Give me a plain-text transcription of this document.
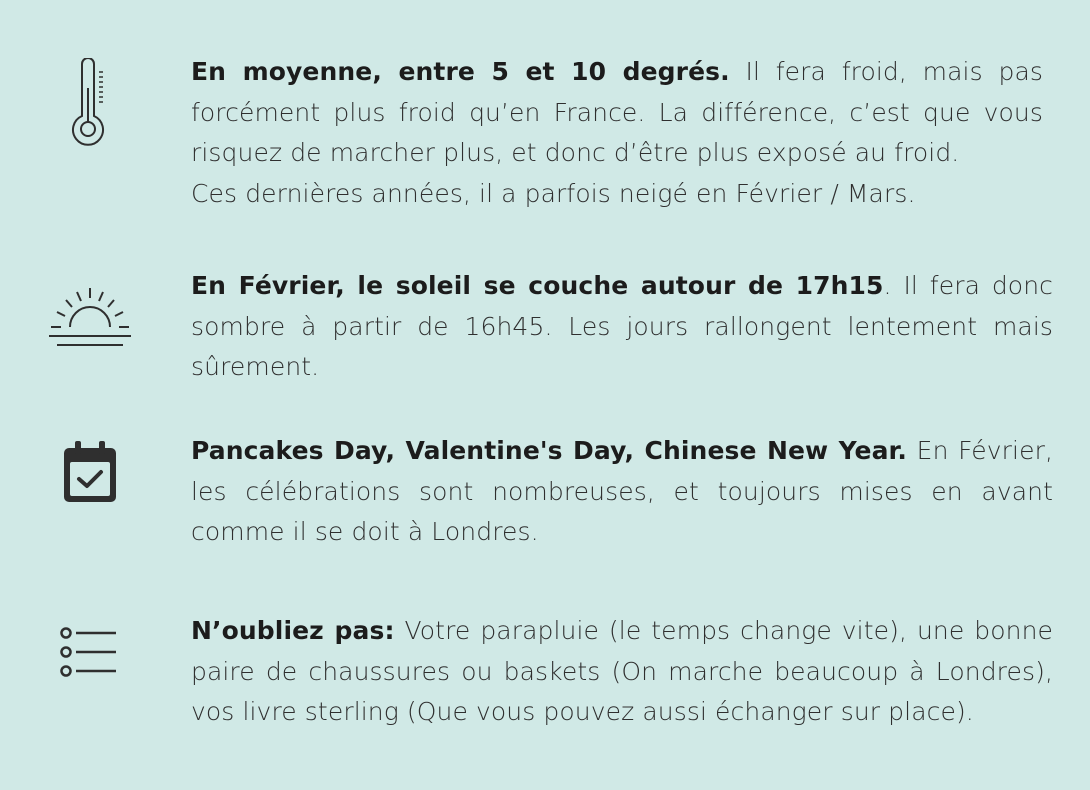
En moyenne, entre 5 et 10 degrés. Il fera froid, mais pas forcément plus froid qu’en France. La différence, c’est que vous risquez de marcher plus, et donc d’être plus exposé au froid.
Ces dernières années, il a parfois neigé en Février / Mars.
En Février, le soleil se couche autour de 17h15. Il fera donc sombre à partir de 16h45. Les jours rallongent lentement mais sûrement.
Pancakes Day, Valentine's Day, Chinese New Year. En Février, les célébrations sont nombreuses, et toujours mises en avant comme il se doit à Londres.
N’oubliez pas: Votre parapluie (le temps change vite), une bonne paire de chaussures ou baskets (On marche beaucoup à Londres), vos livre sterling (Que vous pouvez aussi échanger sur place).
